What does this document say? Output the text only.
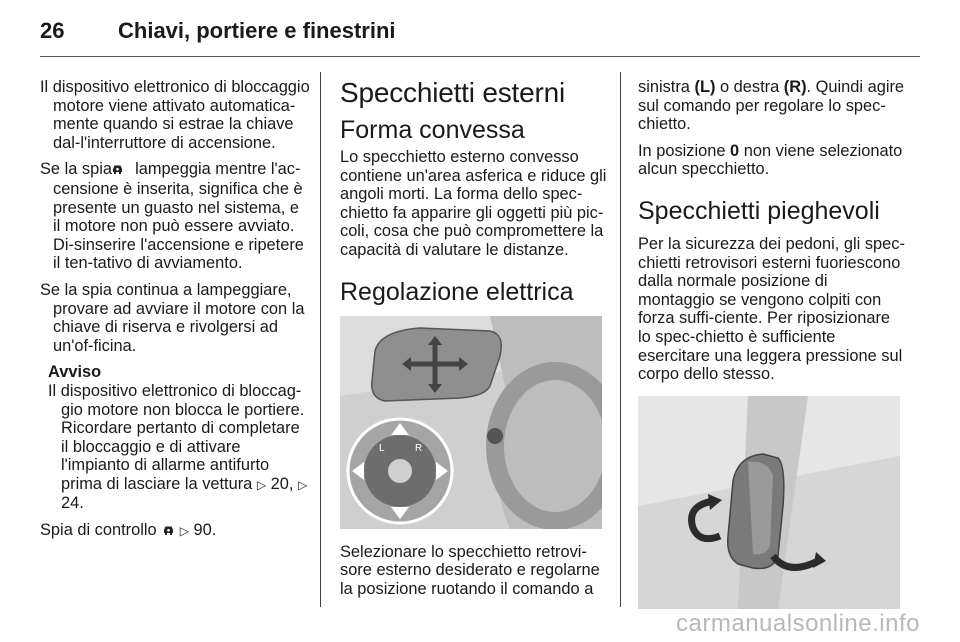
26 Chiavi, portiere e finestrini

Il dispositivo elettronico di bloccaggio motore viene attivato automatica-mente quando si estrae la chiave dal-l'interruttore di accensione.

Se la spia lampeggia mentre l'ac-censione è inserita, significa che è presente un guasto nel sistema, e il motore non può essere avviato. Di-sinserire l'accensione e ripetere il ten-tativo di avviamento.

Se la spia continua a lampeggiare, provare ad avviare il motore con la chiave di riserva e rivolgersi ad un'of-ficina.

Avviso
Il dispositivo elettronico di bloccag-gio motore non blocca le portiere. Ricordare pertanto di completare il bloccaggio e di attivare l'impianto di allarme antifurto prima di lasciare la vettura ▷ 20, ▷ 24.

Spia di controllo ▷ 90.

Specchietti esterni
Forma convessa

Lo specchietto esterno convesso contiene un'area asferica e riduce gli angoli morti. La forma dello spec-chietto fa apparire gli oggetti più pic-coli, cosa che può compromettere la capacità di valutare le distanze.

Regolazione elettrica
L	R

Selezionare lo specchietto retrovi-sore esterno desiderato e regolarne la posizione ruotando il comando a

sinistra (L) o destra (R). Quindi agire sul comando per regolare lo spec-chietto.

In posizione 0 non viene selezionato alcun specchietto.

Specchietti pieghevoli

Per la sicurezza dei pedoni, gli spec-chietti retrovisori esterni fuoriescono dalla normale posizione di montaggio se vengono colpiti con forza suffi-ciente. Per riposizionare lo spec-chietto è sufficiente esercitare una leggera pressione sul corpo dello stesso.

carmanualsonline.info
